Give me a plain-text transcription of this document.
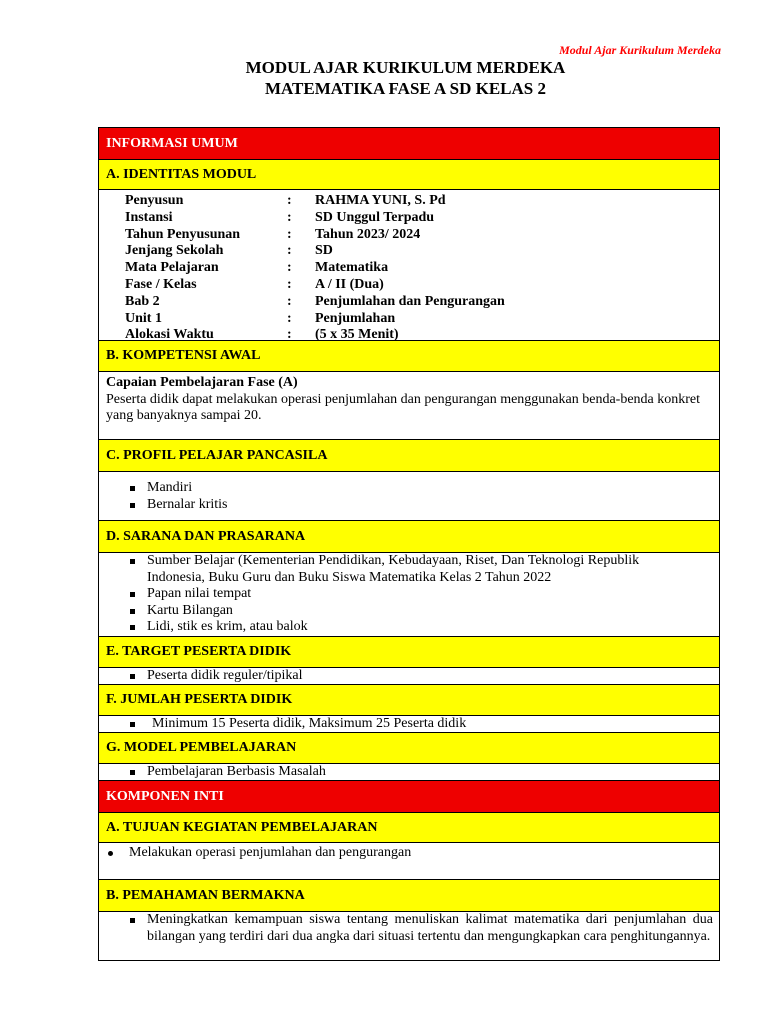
Modul Ajar Kurikulum Merdeka
MODUL AJAR KURIKULUM MERDEKA
MATEMATIKA FASE A SD KELAS 2
INFORMASI UMUM
A. IDENTITAS MODUL
Penyusun	:	RAHMA YUNI, S. Pd
Instansi	:	SD Unggul Terpadu
Tahun Penyusunan	:	Tahun 2023/ 2024
Jenjang Sekolah	:	SD
Mata Pelajaran	:	Matematika
Fase / Kelas	:	A / II (Dua)
Bab 2	:	Penjumlahan dan Pengurangan
Unit 1	:	Penjumlahan
Alokasi Waktu	:	(5 x 35 Menit)
B. KOMPETENSI AWAL
Capaian Pembelajaran Fase (A)
Peserta didik dapat melakukan operasi penjumlahan dan pengurangan menggunakan benda-benda konkret yang banyaknya sampai 20.
C. PROFIL PELAJAR PANCASILA
Mandiri
Bernalar kritis
D. SARANA DAN PRASARANA
Sumber Belajar (Kementerian Pendidikan, Kebudayaan, Riset, Dan Teknologi Republik Indonesia, Buku Guru dan Buku Siswa Matematika Kelas 2 Tahun 2022
Papan nilai tempat
Kartu Bilangan
Lidi, stik es krim, atau balok
E. TARGET PESERTA DIDIK
Peserta didik reguler/tipikal
F. JUMLAH PESERTA DIDIK
Minimum 15 Peserta didik, Maksimum 25 Peserta didik
G. MODEL PEMBELAJARAN
Pembelajaran Berbasis Masalah
KOMPONEN INTI
A. TUJUAN KEGIATAN PEMBELAJARAN
Melakukan operasi penjumlahan dan pengurangan
B. PEMAHAMAN BERMAKNA
Meningkatkan kemampuan siswa tentang menuliskan kalimat matematika dari penjumlahan dua bilangan yang terdiri dari dua angka dari situasi tertentu dan mengungkapkan cara penghitungannya.
